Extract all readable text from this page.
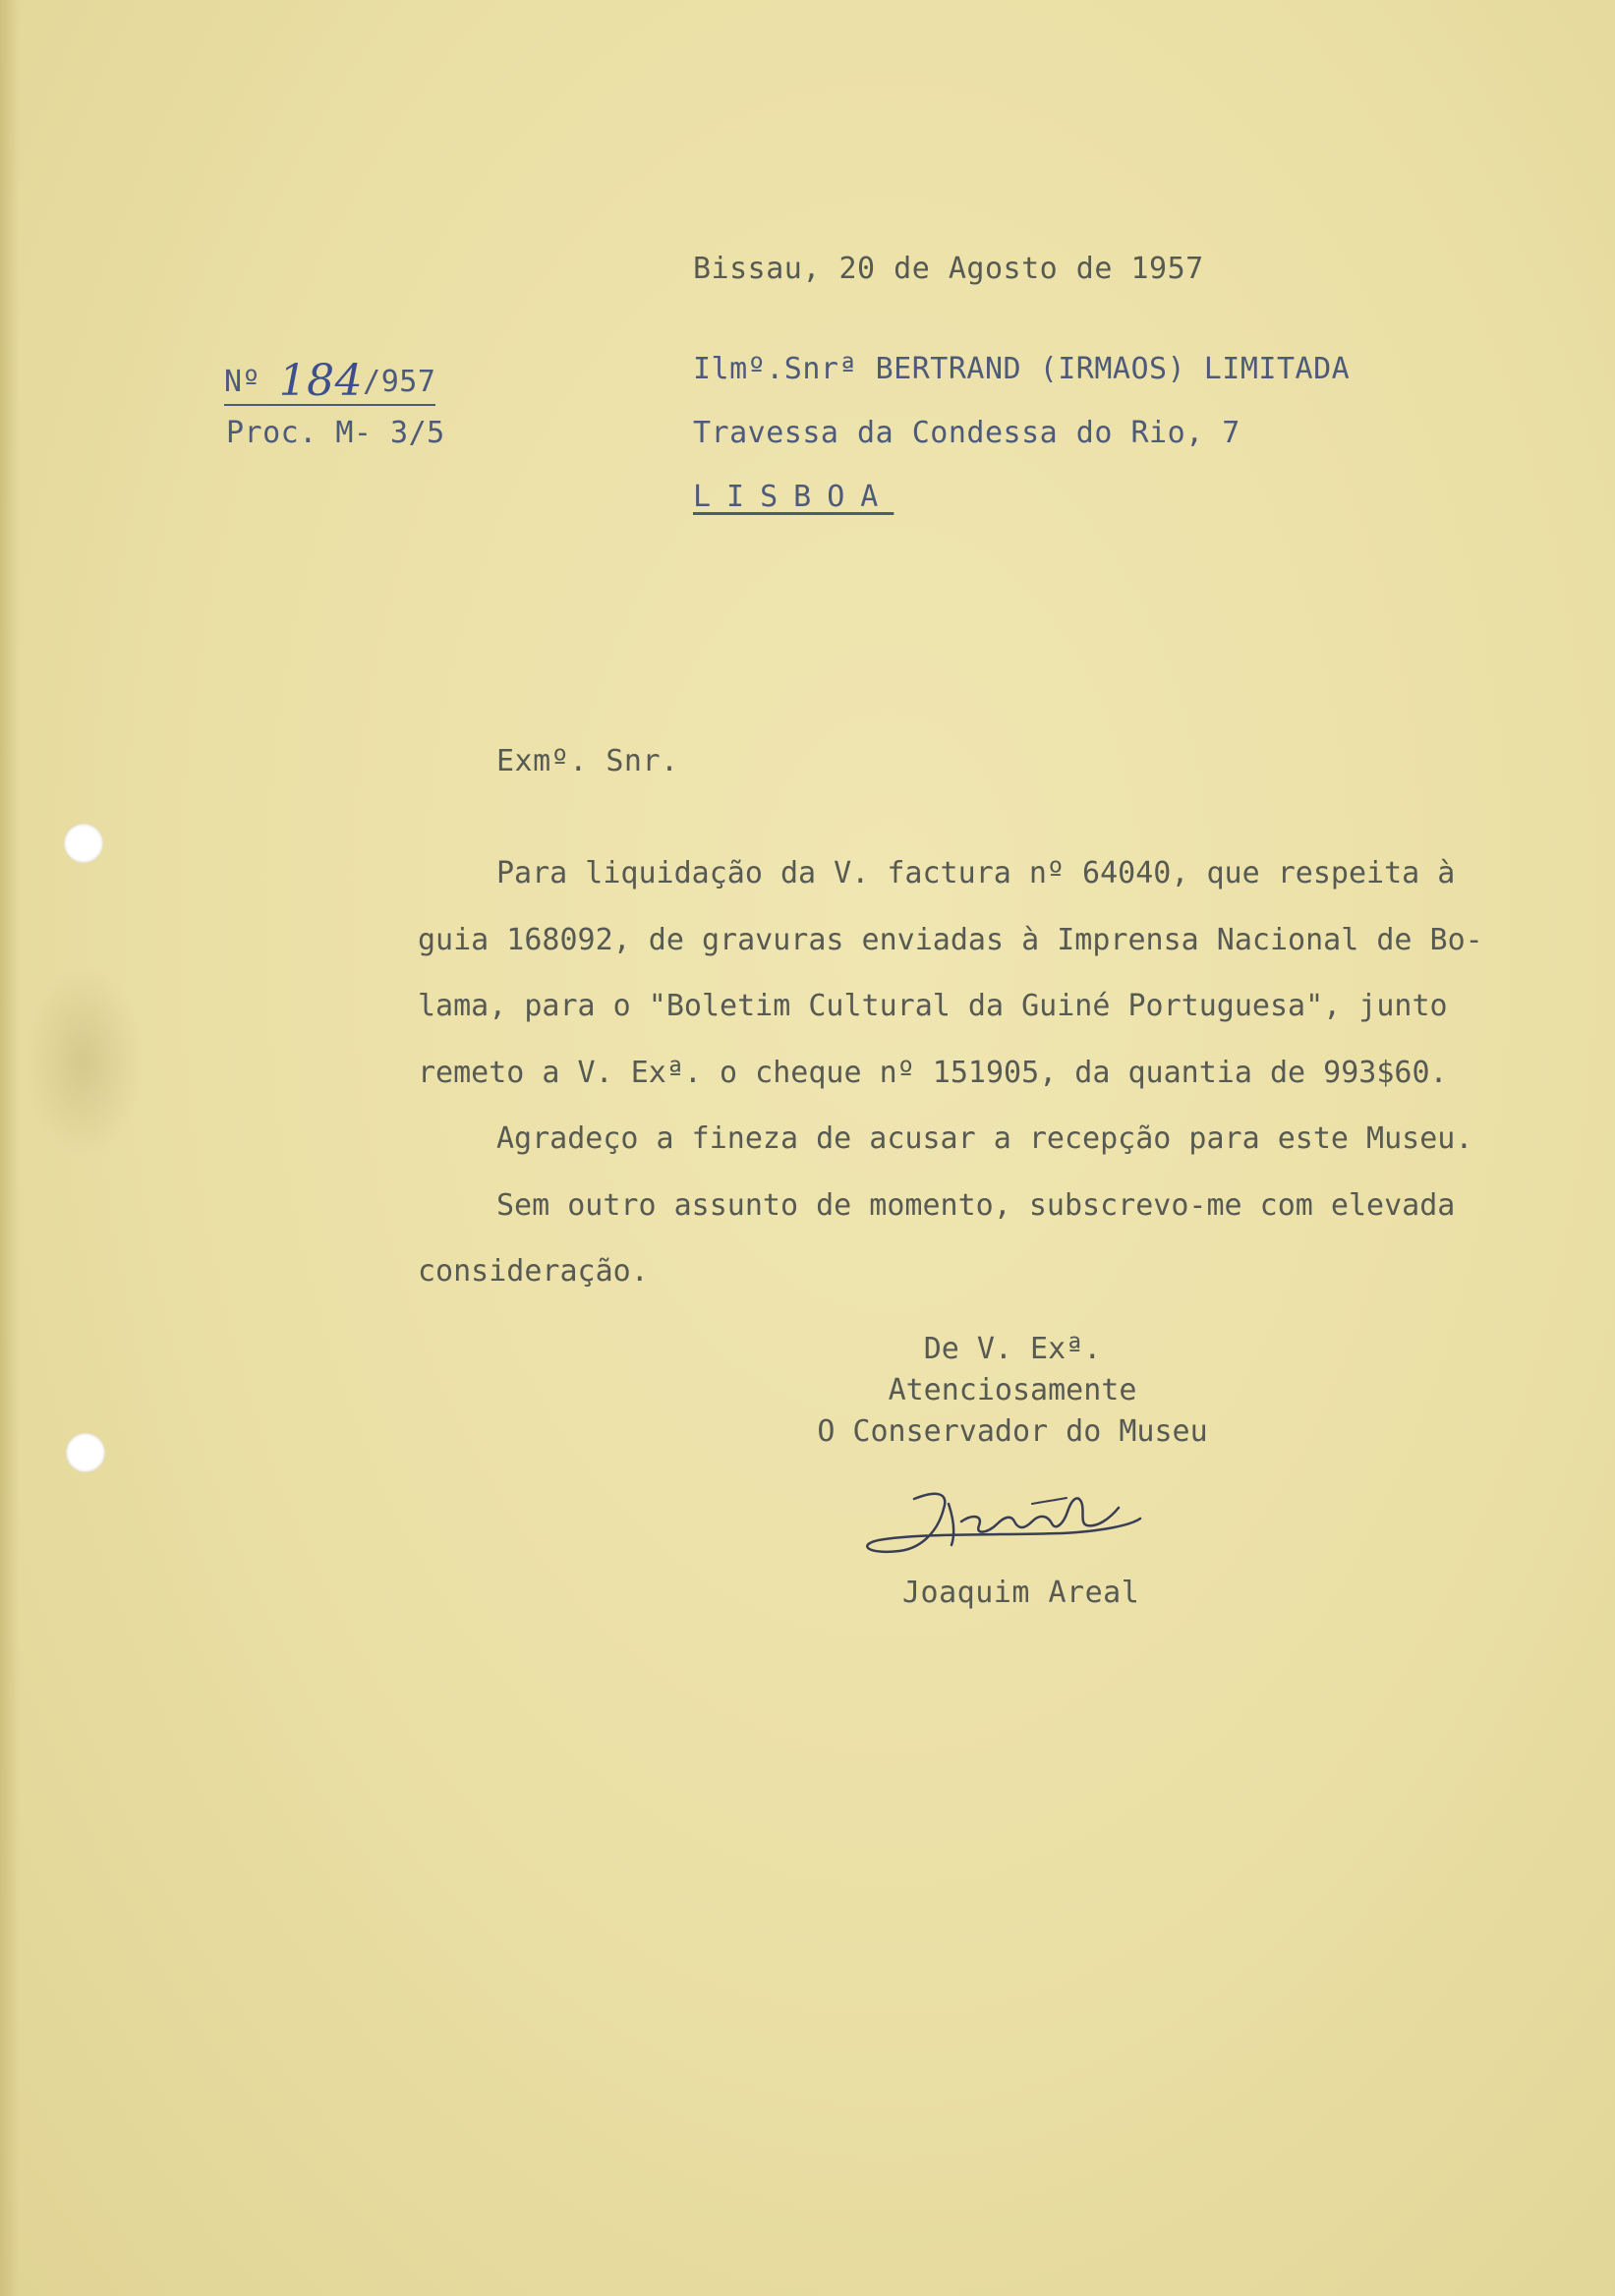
Bissau, 20 de Agosto de 1957
Nº 184/957
Proc. M- 3/5
Ilmº.Snrª BERTRAND (IRMAOS) LIMITADA
Travessa da Condessa do Rio, 7
LISBOA
Exmº. Snr.

Para liquidação da V. factura nº 64040, que respeita à

guia 168092, de gravuras enviadas à Imprensa Nacional de Bo-

lama, para o "Boletim Cultural da Guiné Portuguesa", junto

remeto a V. Exª. o cheque nº 151905, da quantia de 993$60.

Agradeço a fineza de acusar a recepção para este Museu.

Sem outro assunto de momento, subscrevo-me com elevada

consideração.

De V. Exª.
Atenciosamente
O Conservador do Museu
Joaquim Areal
